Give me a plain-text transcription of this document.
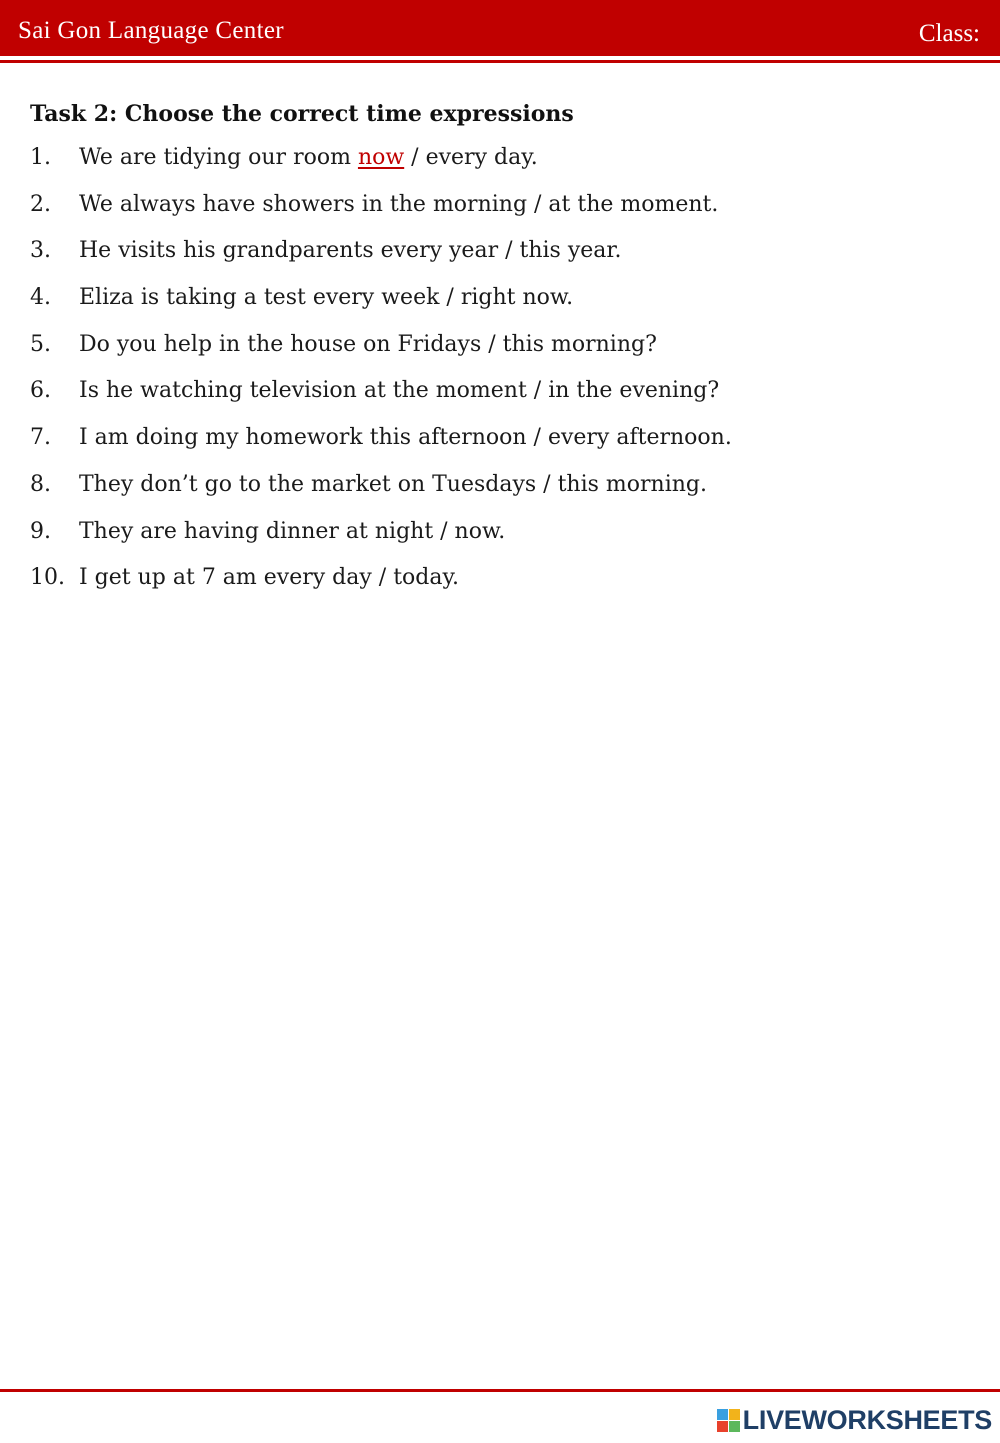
Sai Gon Language Center	Class:
Task 2: Choose the correct time expressions
1.	We are tidying our room now / every day.
2.	We always have showers in the morning / at the moment.
3.	He visits his grandparents every year / this year.
4.	Eliza is taking a test every week / right now.
5.	Do you help in the house on Fridays / this morning?
6.	Is he watching television at the moment / in the evening?
7.	I am doing my homework this afternoon / every afternoon.
8.	They don’t go to the market on Tuesdays / this morning.
9.	They are having dinner at night / now.
10. I get up at 7 am every day / today.
LIVEWORKSHEETS
